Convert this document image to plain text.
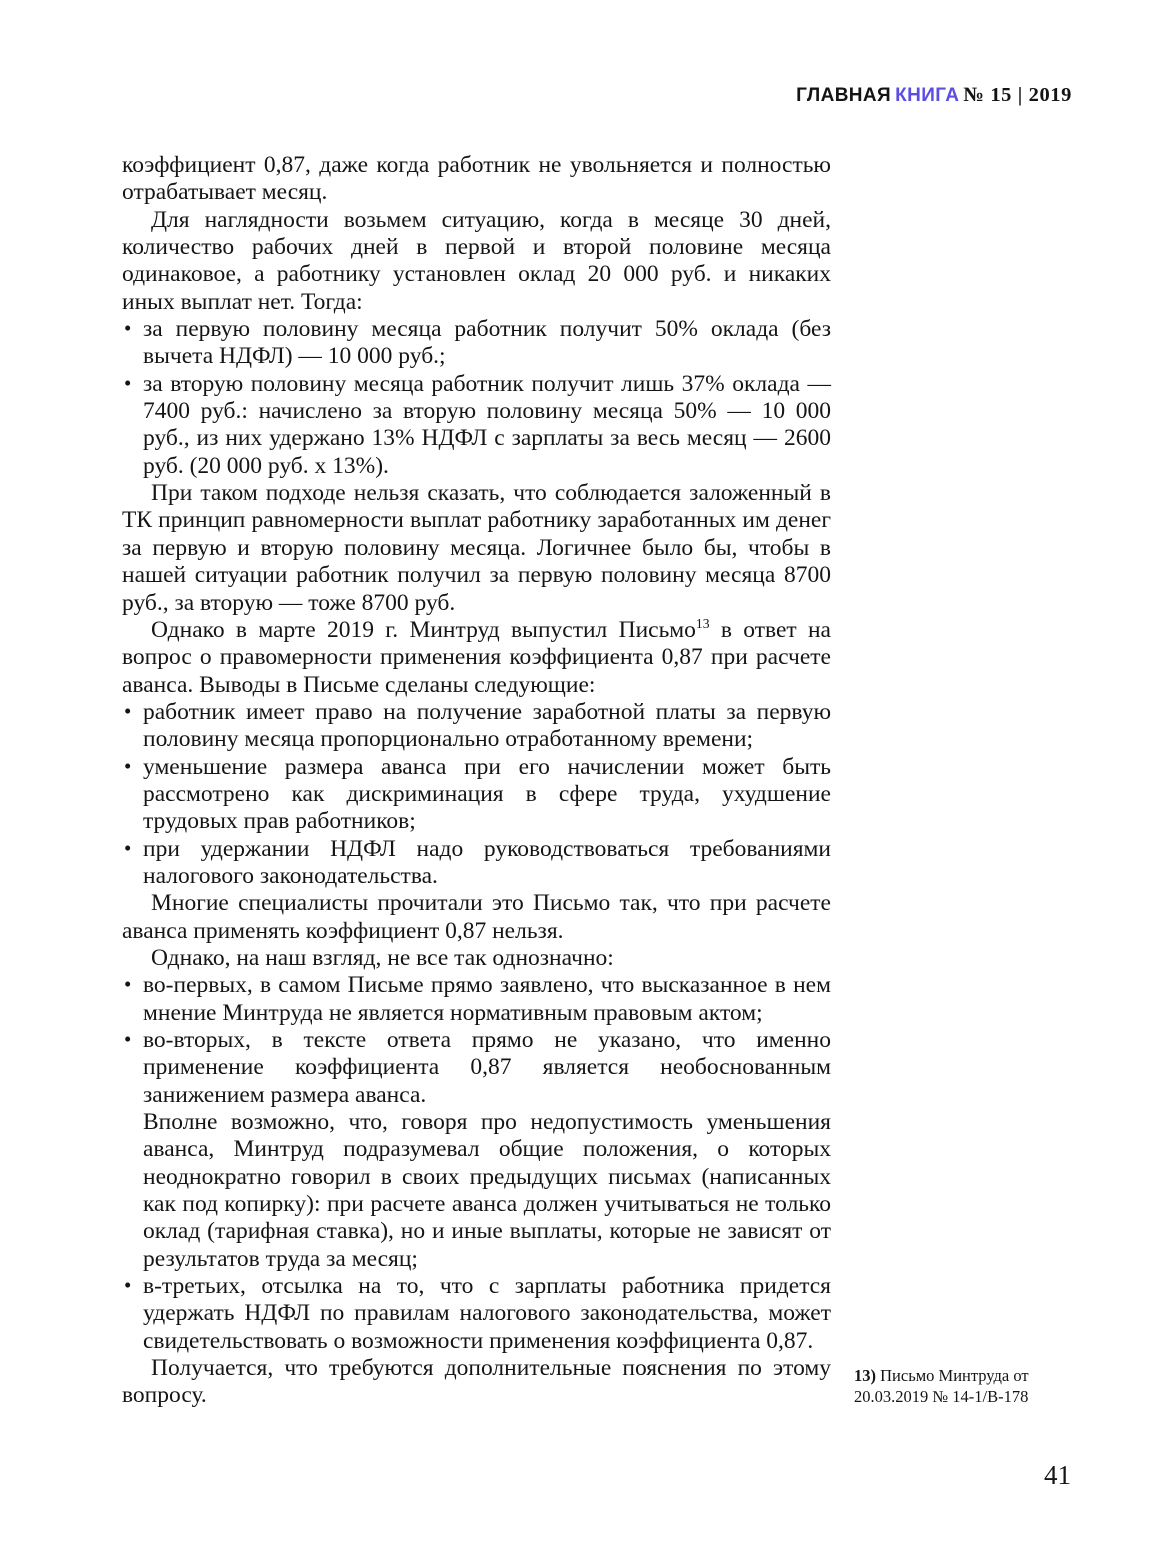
ГЛАВНАЯ КНИГА № 15 | 2019

коэффициент 0,87, даже когда работник не увольняется и полностью отрабатывает месяц.

Для наглядности возьмем ситуацию, когда в месяце 30 дней, количество рабочих дней в первой и второй половине месяца одинаковое, а работнику установлен оклад 20 000 руб. и никаких иных выплат нет. Тогда:

• за первую половину месяца работник получит 50% оклада (без вычета НДФЛ) — 10 000 руб.;
• за вторую половину месяца работник получит лишь 37% оклада — 7400 руб.: начислено за вторую половину месяца 50% — 10 000 руб., из них удержано 13% НДФЛ с зарплаты за весь месяц — 2600 руб. (20 000 руб. х 13%).

При таком подходе нельзя сказать, что соблюдается заложенный в ТК принцип равномерности выплат работнику заработанных им денег за первую и вторую половину месяца. Логичнее было бы, чтобы в нашей ситуации работник получил за первую половину месяца 8700 руб., за вторую — тоже 8700 руб.

Однако в марте 2019 г. Минтруд выпустил Письмо$^{13}$ в ответ на вопрос о правомерности применения коэффициента 0,87 при расчете аванса. Выводы в Письме сделаны следующие:

• работник имеет право на получение заработной платы за первую половину месяца пропорционально отработанному времени;
• уменьшение размера аванса при его начислении может быть рассмотрено как дискриминация в сфере труда, ухудшение трудовых прав работников;
• при удержании НДФЛ надо руководствоваться требованиями налогового законодательства.

Многие специалисты прочитали это Письмо так, что при расчете аванса применять коэффициент 0,87 нельзя.

Однако, на наш взгляд, не все так однозначно:

• во-первых, в самом Письме прямо заявлено, что высказанное в нем мнение Минтруда не является нормативным правовым актом;
• во-вторых, в тексте ответа прямо не указано, что именно применение коэффициента 0,87 является необоснованным занижением размера аванса.
Вполне возможно, что, говоря про недопустимость уменьшения аванса, Минтруд подразумевал общие положения, о которых неоднократно говорил в своих предыдущих письмах (написанных как под копирку): при расчете аванса должен учитываться не только оклад (тарифная ставка), но и иные выплаты, которые не зависят от результатов труда за месяц;
• в-третьих, отсылка на то, что с зарплаты работника придется удержать НДФЛ по правилам налогового законодательства, может свидетельствовать о возможности применения коэффициента 0,87.

Получается, что требуются дополнительные пояснения по этому вопросу.

13) Письмо Минтруда от 20.03.2019 № 14-1/В-178
41
